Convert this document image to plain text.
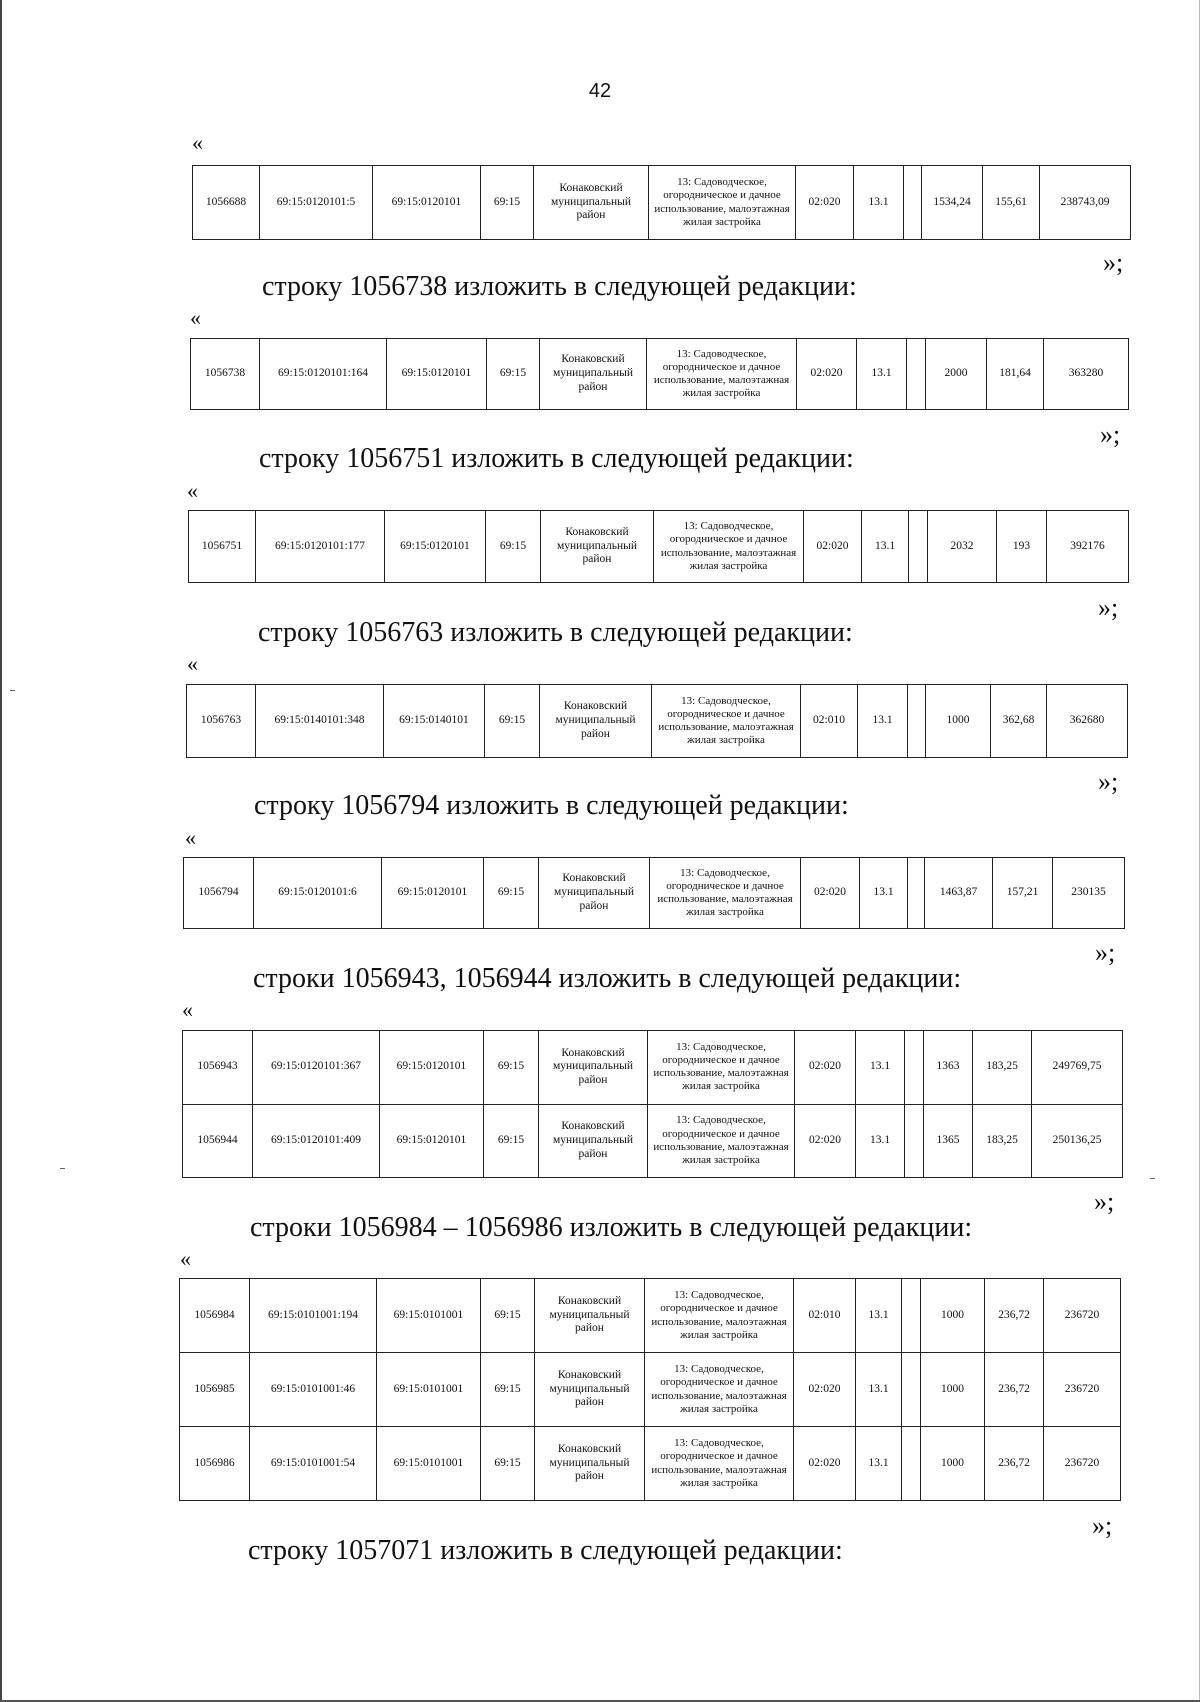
42
«
1056688	69:15:0120101:5	69:15:0120101	69:15	Конаковский муниципальный район	13: Садоводческое, огородническое и дачное использование, малоэтажная жилая застройка	02:020	13.1		1534,24	155,61	238743,09
»;
строку 1056738 изложить в следующей редакции:
«
1056738	69:15:0120101:164	69:15:0120101	69:15	Конаковский муниципальный район	13: Садоводческое, огородническое и дачное использование, малоэтажная жилая застройка	02:020	13.1		2000	181,64	363280
»;
строку 1056751 изложить в следующей редакции:
«
1056751	69:15:0120101:177	69:15:0120101	69:15	Конаковский муниципальный район	13: Садоводческое, огородническое и дачное использование, малоэтажная жилая застройка	02:020	13.1		2032	193	392176
»;
строку 1056763 изложить в следующей редакции:
«
1056763	69:15:0140101:348	69:15:0140101	69:15	Конаковский муниципальный район	13: Садоводческое, огородническое и дачное использование, малоэтажная жилая застройка	02:010	13.1		1000	362,68	362680
»;
строку 1056794 изложить в следующей редакции:
«
1056794	69:15:0120101:6	69:15:0120101	69:15	Конаковский муниципальный район	13: Садоводческое, огородническое и дачное использование, малоэтажная жилая застройка	02:020	13.1		1463,87	157,21	230135
»;
строки 1056943, 1056944 изложить в следующей редакции:
«
1056943	69:15:0120101:367	69:15:0120101	69:15	Конаковский муниципальный район	13: Садоводческое, огородническое и дачное использование, малоэтажная жилая застройка	02:020	13.1		1363	183,25	249769,75
1056944	69:15:0120101:409	69:15:0120101	69:15	Конаковский муниципальный район	13: Садоводческое, огородническое и дачное использование, малоэтажная жилая застройка	02:020	13.1		1365	183,25	250136,25
»;
строки 1056984 – 1056986 изложить в следующей редакции:
«
1056984	69:15:0101001:194	69:15:0101001	69:15	Конаковский муниципальный район	13: Садоводческое, огородническое и дачное использование, малоэтажная жилая застройка	02:010	13.1		1000	236,72	236720
1056985	69:15:0101001:46	69:15:0101001	69:15	Конаковский муниципальный район	13: Садоводческое, огородническое и дачное использование, малоэтажная жилая застройка	02:020	13.1		1000	236,72	236720
1056986	69:15:0101001:54	69:15:0101001	69:15	Конаковский муниципальный район	13: Садоводческое, огородническое и дачное использование, малоэтажная жилая застройка	02:020	13.1		1000	236,72	236720
»;
строку 1057071 изложить в следующей редакции:
